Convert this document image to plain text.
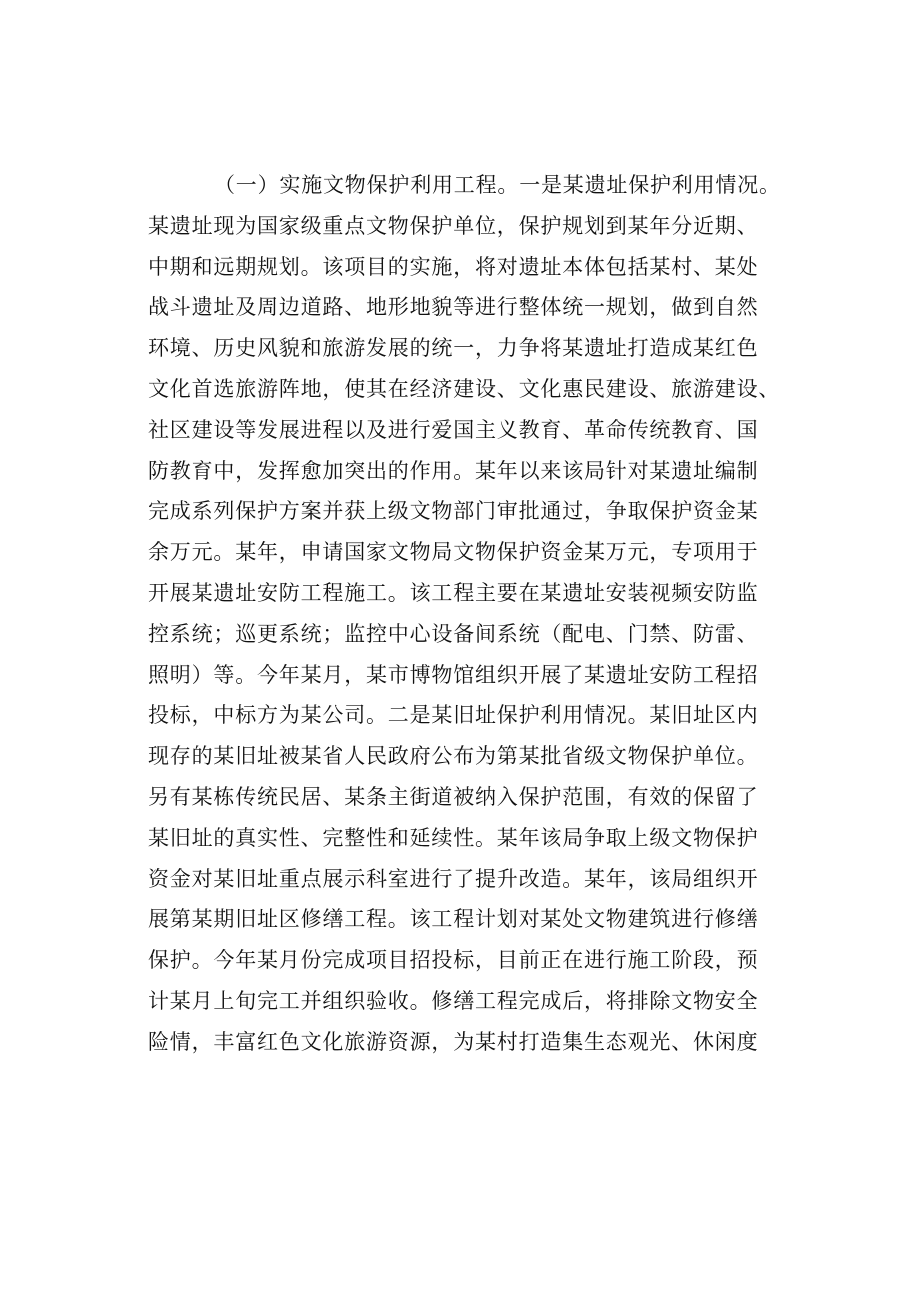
（一）实施文物保护利用工程。一是某遗址保护利用情况。
某遗址现为国家级重点文物保护单位，保护规划到某年分近期、
中期和远期规划。该项目的实施，将对遗址本体包括某村、某处
战斗遗址及周边道路、地形地貌等进行整体统一规划，做到自然
环境、历史风貌和旅游发展的统一，力争将某遗址打造成某红色
文化首选旅游阵地，使其在经济建设、文化惠民建设、旅游建设、
社区建设等发展进程以及进行爱国主义教育、革命传统教育、国
防教育中，发挥愈加突出的作用。某年以来该局针对某遗址编制
完成系列保护方案并获上级文物部门审批通过，争取保护资金某
余万元。某年，申请国家文物局文物保护资金某万元，专项用于
开展某遗址安防工程施工。该工程主要在某遗址安装视频安防监
控系统；巡更系统；监控中心设备间系统（配电、门禁、防雷、
照明）等。今年某月，某市博物馆组织开展了某遗址安防工程招
投标，中标方为某公司。二是某旧址保护利用情况。某旧址区内
现存的某旧址被某省人民政府公布为第某批省级文物保护单位。
另有某栋传统民居、某条主街道被纳入保护范围，有效的保留了
某旧址的真实性、完整性和延续性。某年该局争取上级文物保护
资金对某旧址重点展示科室进行了提升改造。某年，该局组织开
展第某期旧址区修缮工程。该工程计划对某处文物建筑进行修缮
保护。今年某月份完成项目招投标，目前正在进行施工阶段，预
计某月上旬完工并组织验收。修缮工程完成后，将排除文物安全
险情，丰富红色文化旅游资源，为某村打造集生态观光、休闲度
